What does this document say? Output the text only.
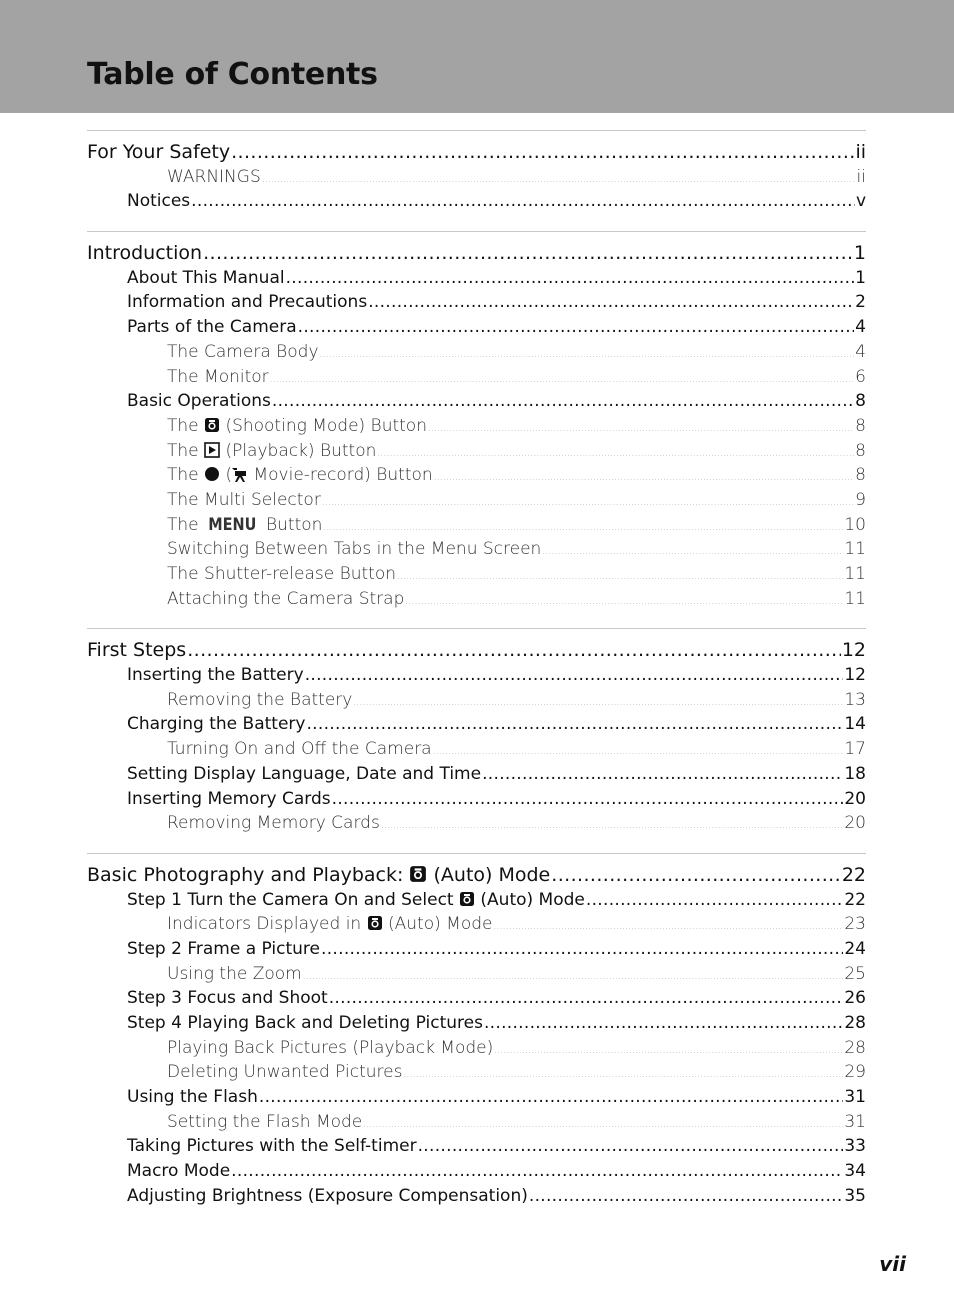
Table of Contents
For Your Safety .....	ii
WARNINGS .....	ii
Notices .....	v
Introduction .....	1
About This Manual .....	1
Information and Precautions .....	2
Parts of the Camera .....	4
The Camera Body .....	4
The Monitor .....	6
Basic Operations .....	8
The (Shooting Mode) Button .....	8
The (Playback) Button .....	8
The ( Movie-record) Button .....	8
The Multi Selector .....	9
The MENU Button .....	10
Switching Between Tabs in the Menu Screen .....	11
The Shutter-release Button .....	11
Attaching the Camera Strap .....	11
First Steps .....	12
Inserting the Battery .....	12
Removing the Battery .....	13
Charging the Battery .....	14
Turning On and Off the Camera .....	17
Setting Display Language, Date and Time .....	18
Inserting Memory Cards .....	20
Removing Memory Cards .....	20
Basic Photography and Playback: (Auto) Mode .....	22
Step 1 Turn the Camera On and Select (Auto) Mode .....	22
Indicators Displayed in (Auto) Mode .....	23
Step 2 Frame a Picture .....	24
Using the Zoom .....	25
Step 3 Focus and Shoot .....	26
Step 4 Playing Back and Deleting Pictures .....	28
Playing Back Pictures (Playback Mode) .....	28
Deleting Unwanted Pictures .....	29
Using the Flash .....	31
Setting the Flash Mode .....	31
Taking Pictures with the Self-timer .....	33
Macro Mode .....	34
Adjusting Brightness (Exposure Compensation) .....	35
vii
